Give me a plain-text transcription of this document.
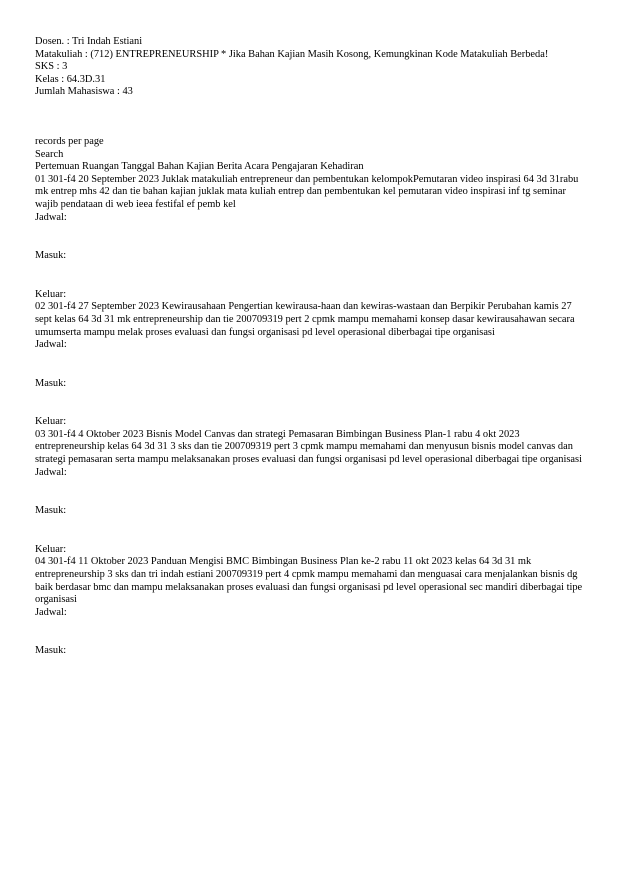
Dosen. : Tri Indah Estiani
Matakuliah : (712) ENTREPRENEURSHIP * Jika Bahan Kajian Masih Kosong, Kemungkinan Kode Matakuliah Berbeda!
SKS : 3
Kelas : 64.3D.31
Jumlah Mahasiswa : 43
records per page
Search
Pertemuan Ruangan Tanggal Bahan Kajian Berita Acara Pengajaran Kehadiran
01 301-f4 20 September 2023 Juklak matakuliah entrepreneur dan pembentukan kelompokPemutaran video inspirasi 64 3d 31rabu mk entrep mhs 42 dan tie bahan kajian juklak mata kuliah entrep dan pembentukan kel pemutaran video inspirasi inf tg seminar wajib pendataan di web ieea festifal ef pemb kel
Jadwal:
Masuk:
Keluar:
02 301-f4 27 September 2023 Kewirausahaan Pengertian kewirausa-haan dan kewiras-wastaan dan Berpikir Perubahan kamis 27 sept kelas 64 3d 31 mk entrepreneurship dan tie 200709319 pert 2 cpmk mampu memahami konsep dasar kewirausahawan secara umumserta mampu melak proses evaluasi dan fungsi organisasi pd level operasional diberbagai tipe organisasi
Jadwal:
Masuk:
Keluar:
03 301-f4 4 Oktober 2023 Bisnis Model Canvas dan strategi Pemasaran Bimbingan Business Plan-1 rabu 4 okt 2023 entrepreneurship kelas 64 3d 31 3 sks dan tie 200709319 pert 3 cpmk mampu memahami dan menyusun bisnis model canvas dan strategi pemasaran serta mampu melaksanakan proses evaluasi dan fungsi organisasi pd level operasional diberbagai tipe organisasi
Jadwal:
Masuk:
Keluar:
04 301-f4 11 Oktober 2023 Panduan Mengisi BMC Bimbingan Business Plan ke-2 rabu 11 okt 2023 kelas 64 3d 31 mk entrepreneurship 3 sks dan tri indah estiani 200709319 pert 4 cpmk mampu memahami dan menguasai cara menjalankan bisnis dg baik berdasar bmc dan mampu melaksanakan proses evaluasi dan fungsi organisasi pd level operasional sec mandiri diberbagai tipe organisasi
Jadwal:
Masuk:
